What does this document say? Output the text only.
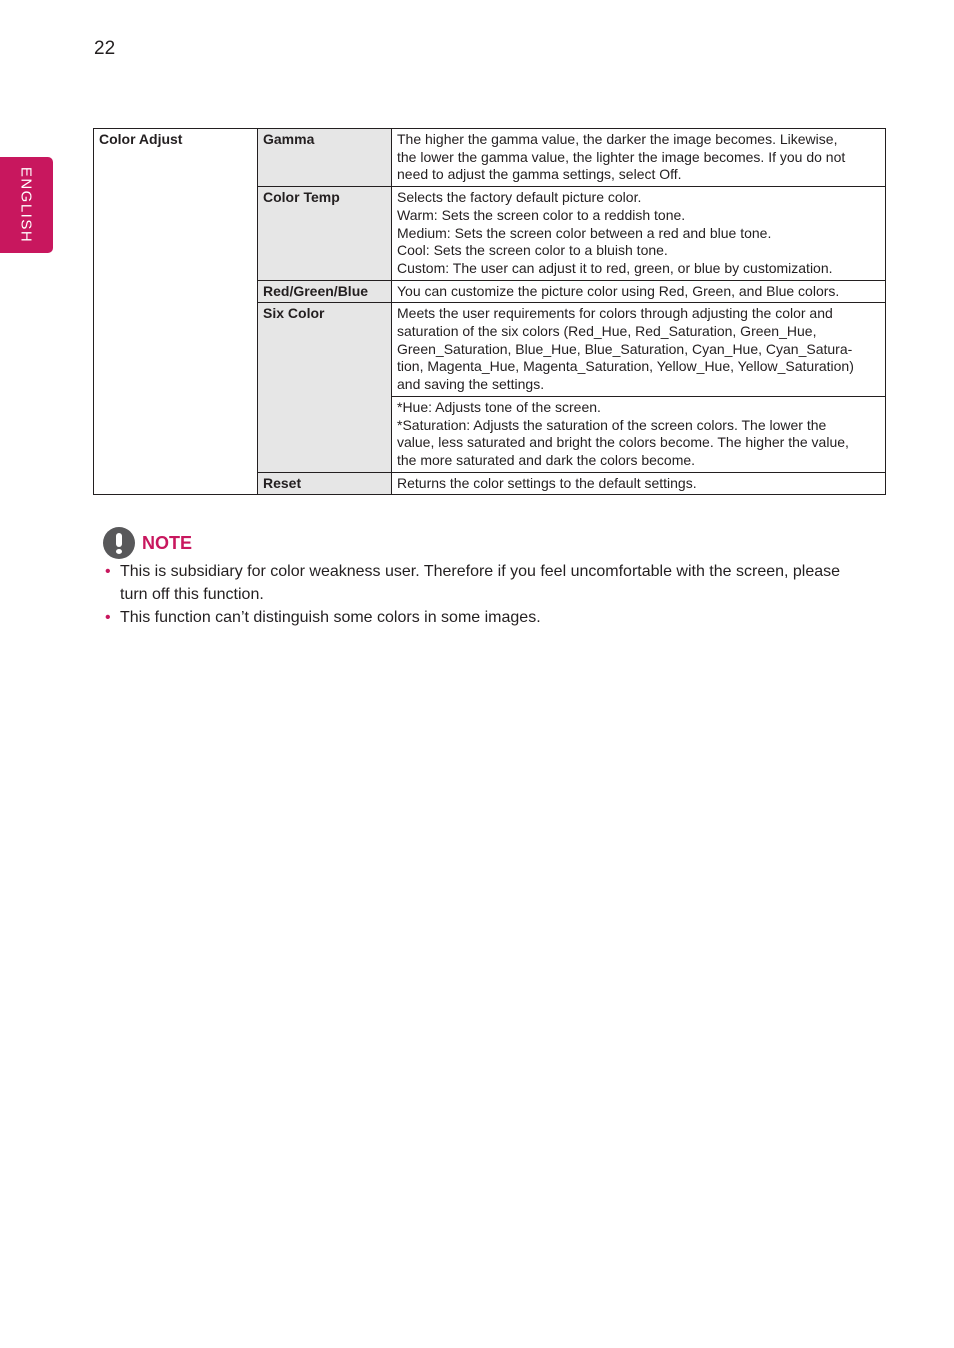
22
ENGLISH
Color Adjust	Gamma	The higher the gamma value, the darker the image becomes. Likewise,
the lower the gamma value, the lighter the image becomes. If you do not
need to adjust the gamma settings, select Off.

	Color Temp	Selects the factory default picture color.
Warm: Sets the screen color to a reddish tone.
Medium: Sets the screen color between a red and blue tone.
Cool: Sets the screen color to a bluish tone.
Custom: The user can adjust it to red, green, or blue by customization.

	Red/Green/Blue	You can customize the picture color using Red, Green, and Blue colors.

	Six Color	Meets the user requirements for colors through adjusting the color and
saturation of the six colors (Red_Hue, Red_Saturation, Green_Hue,
Green_Saturation, Blue_Hue, Blue_Saturation, Cyan_Hue, Cyan_Satura-
tion, Magenta_Hue, Magenta_Saturation, Yellow_Hue, Yellow_Saturation)
and saving the settings.

		*Hue: Adjusts tone of the screen.
*Saturation: Adjusts the saturation of the screen colors. The lower the
value, less saturated and bright the colors become. The higher the value,
the more saturated and dark the colors become.

	Reset	Returns the color settings to the default settings.
NOTE
• This is subsidiary for color weakness user. Therefore if you feel uncomfortable with the screen, please turn off this function.
• This function can’t distinguish some colors in some images.
